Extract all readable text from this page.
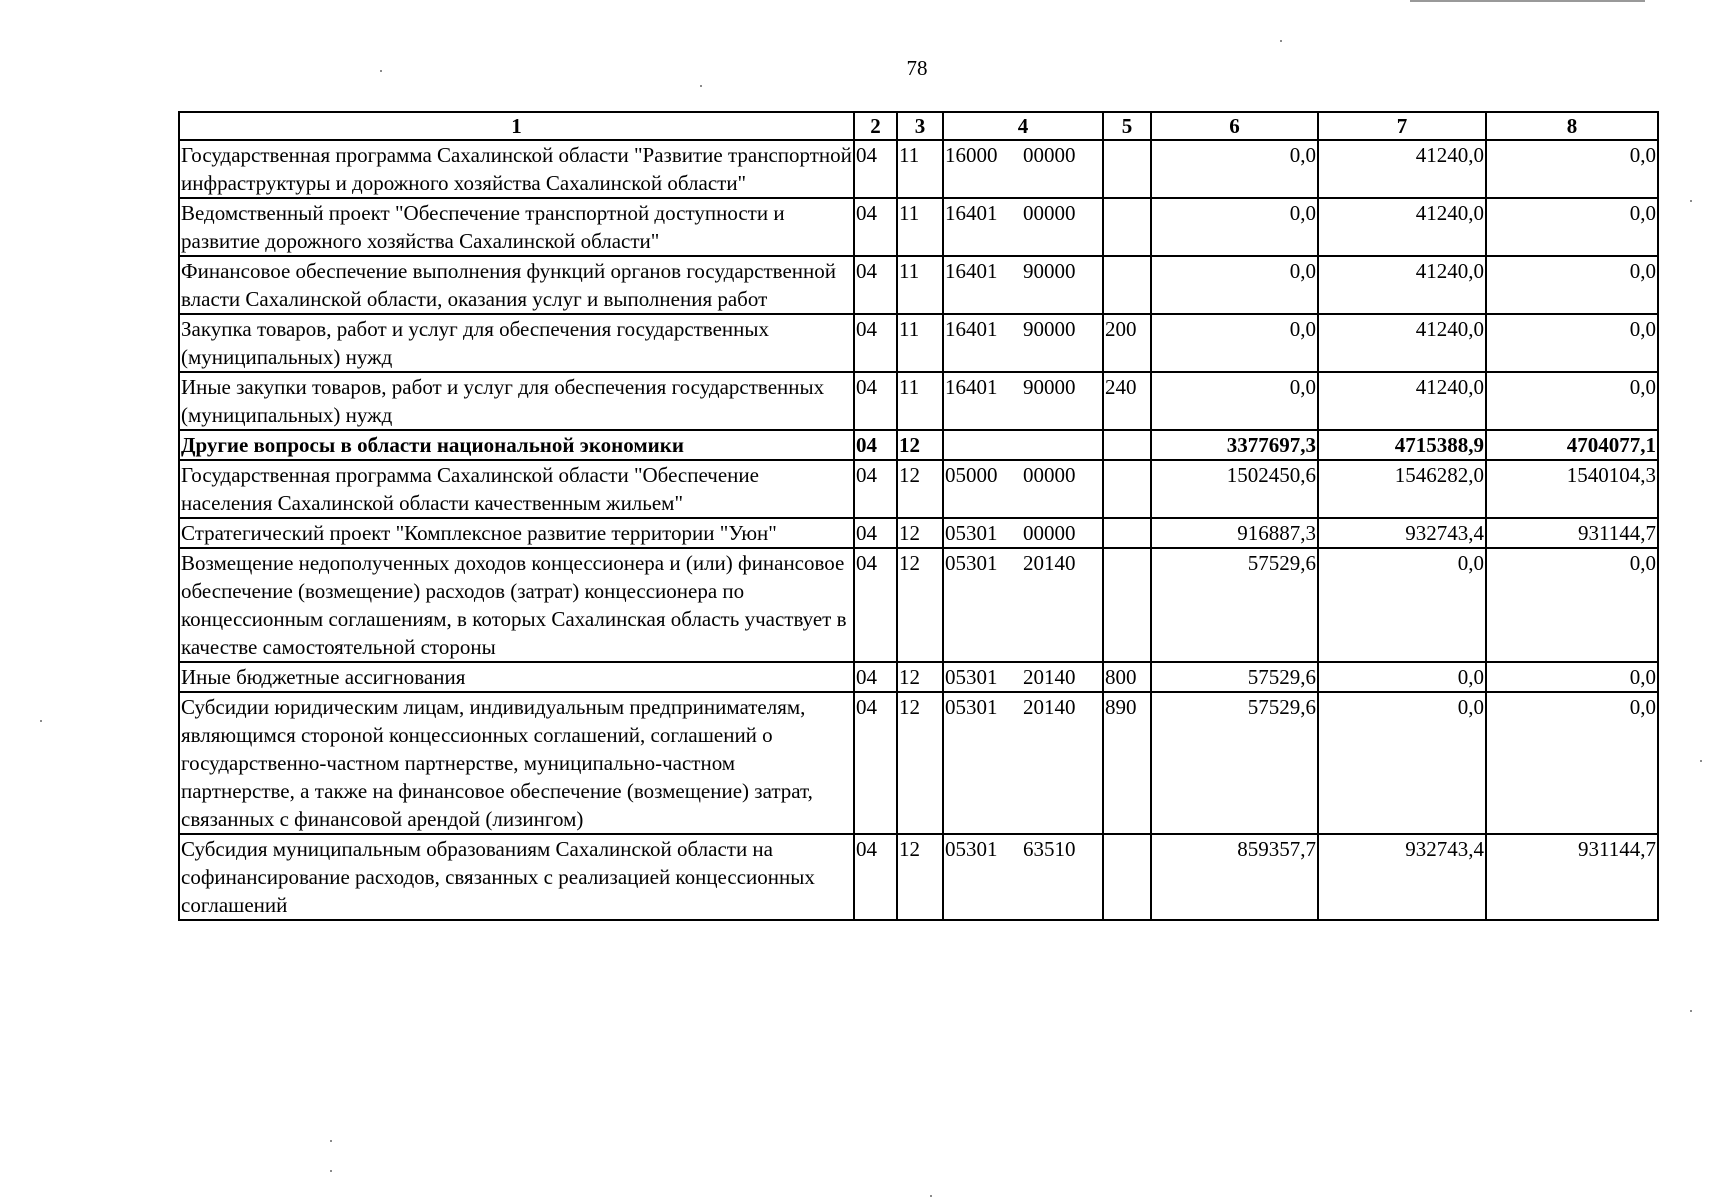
78
1	2	3	4	5	6	7	8
Государственная программа Сахалинской области "Развитие транспортной инфраструктуры и дорожного хозяйства Сахалинской области"	04	11	16000 00000		0,0	41240,0	0,0
Ведомственный проект "Обеспечение транспортной доступности и развитие дорожного хозяйства Сахалинской области"	04	11	16401 00000		0,0	41240,0	0,0
Финансовое обеспечение выполнения функций органов государственной власти Сахалинской области, оказания услуг и выполнения работ	04	11	16401 90000		0,0	41240,0	0,0
Закупка товаров, работ и услуг для обеспечения государственных (муниципальных) нужд	04	11	16401 90000	200	0,0	41240,0	0,0
Иные закупки товаров, работ и услуг для обеспечения государственных (муниципальных) нужд	04	11	16401 90000	240	0,0	41240,0	0,0
Другие вопросы в области национальной экономики	04	12			3377697,3	4715388,9	4704077,1
Государственная программа Сахалинской области "Обеспечение населения Сахалинской области качественным жильем"	04	12	05000 00000		1502450,6	1546282,0	1540104,3
Стратегический проект "Комплексное развитие территории "Уюн"	04	12	05301 00000		916887,3	932743,4	931144,7
Возмещение недополученных доходов концессионера и (или) финансовое обеспечение (возмещение) расходов (затрат) концессионера по концессионным соглашениям, в которых Сахалинская область участвует в качестве самостоятельной стороны	04	12	05301 20140		57529,6	0,0	0,0
Иные бюджетные ассигнования	04	12	05301 20140	800	57529,6	0,0	0,0
Субсидии юридическим лицам, индивидуальным предпринимателям, являющимся стороной концессионных соглашений, соглашений о государственно-частном партнерстве, муниципально-частном партнерстве, а также на финансовое обеспечение (возмещение) затрат, связанных с финансовой арендой (лизингом)	04	12	05301 20140	890	57529,6	0,0	0,0
Субсидия муниципальным образованиям Сахалинской области на софинансирование расходов, связанных с реализацией концессионных соглашений	04	12	05301 63510		859357,7	932743,4	931144,7
